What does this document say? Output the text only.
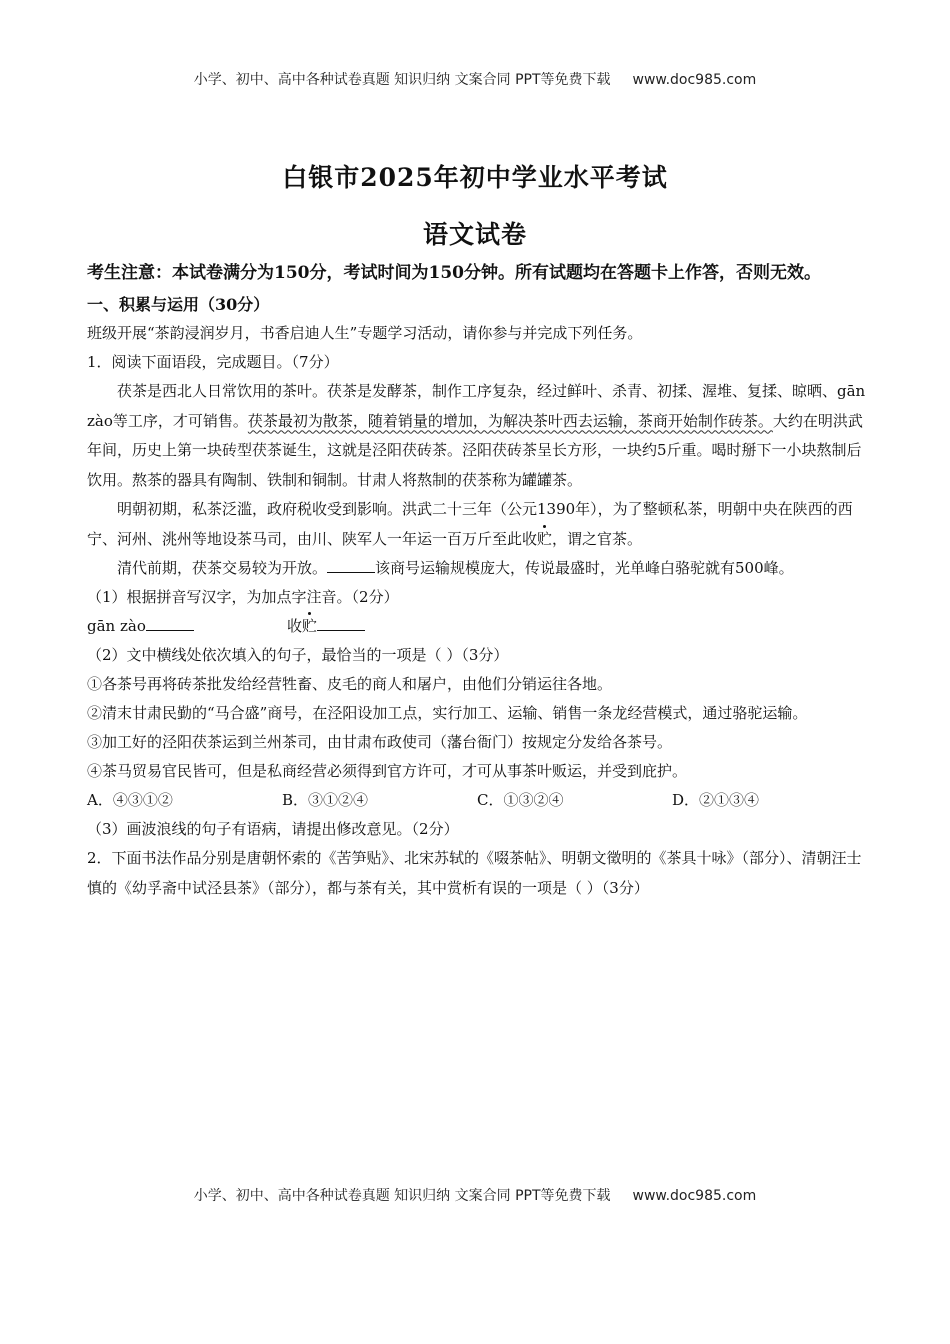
小学、初中、高中各种试卷真题 知识归纳 文案合同 PPT等免费下载 www.doc985.com
白银市2025年初中学业水平考试
语文试卷

考生注意：本试卷满分为150分，考试时间为150分钟。所有试题均在答题卡上作答，否则无效。

一、积累与运用（30分）

班级开展“茶韵浸润岁月，书香启迪人生”专题学习活动，请你参与并完成下列任务。

1．阅读下面语段，完成题目。（7分）

茯茶是西北人日常饮用的茶叶。茯茶是发酵茶，制作工序复杂，经过鲜叶、杀青、初揉、渥堆、复揉、晾晒、gān zào等工序，才可销售。茯茶最初为散茶，随着销量的增加，为解决茶叶西去运输，茶商开始制作砖茶。大约在明洪武年间，历史上第一块砖型茯茶诞生，这就是泾阳茯砖茶。泾阳茯砖茶呈长方形，一块约5斤重。喝时掰下一小块熬制后饮用。熬茶的器具有陶制、铁制和铜制。甘肃人将熬制的茯茶称为罐罐茶。

明朝初期，私茶泛滥，政府税收受到影响。洪武二十三年（公元1390年），为了整顿私茶，明朝中央在陕西的西宁、河州、洮州等地设茶马司，由川、陕军人一年运一百万斤至此收贮，谓之官茶。

清代前期，茯茶交易较为开放。	该商号运输规模庞大，传说最盛时，光单峰白骆驼就有500峰。

（1）根据拼音写汉字，为加点字注音。（2分）

gān zào	收贮

（2）文中横线处依次填入的句子，最恰当的一项是（ ）（3分）

①各茶号再将砖茶批发给经营牲畜、皮毛的商人和屠户，由他们分销运往各地。

②清末甘肃民勤的“马合盛”商号，在泾阳设加工点，实行加工、运输、销售一条龙经营模式，通过骆驼运输。

③加工好的泾阳茯茶运到兰州茶司，由甘肃布政使司（藩台衙门）按规定分发给各茶号。

④茶马贸易官民皆可，但是私商经营必须得到官方许可，才可从事茶叶贩运，并受到庇护。

A．④③①②	B．③①②④	C．①③②④	D．②①③④

（3）画波浪线的句子有语病，请提出修改意见。（2分）

2．下面书法作品分别是唐朝怀索的《苦笋贴》、北宋苏轼的《啜茶帖》、明朝文徵明的《茶具十咏》（部分）、清朝汪士慎的《幼孚斋中试泾县茶》（部分），都与茶有关，其中赏析有误的一项是（ ）（3分）

小学、初中、高中各种试卷真题 知识归纳 文案合同 PPT等免费下载 www.doc985.com
